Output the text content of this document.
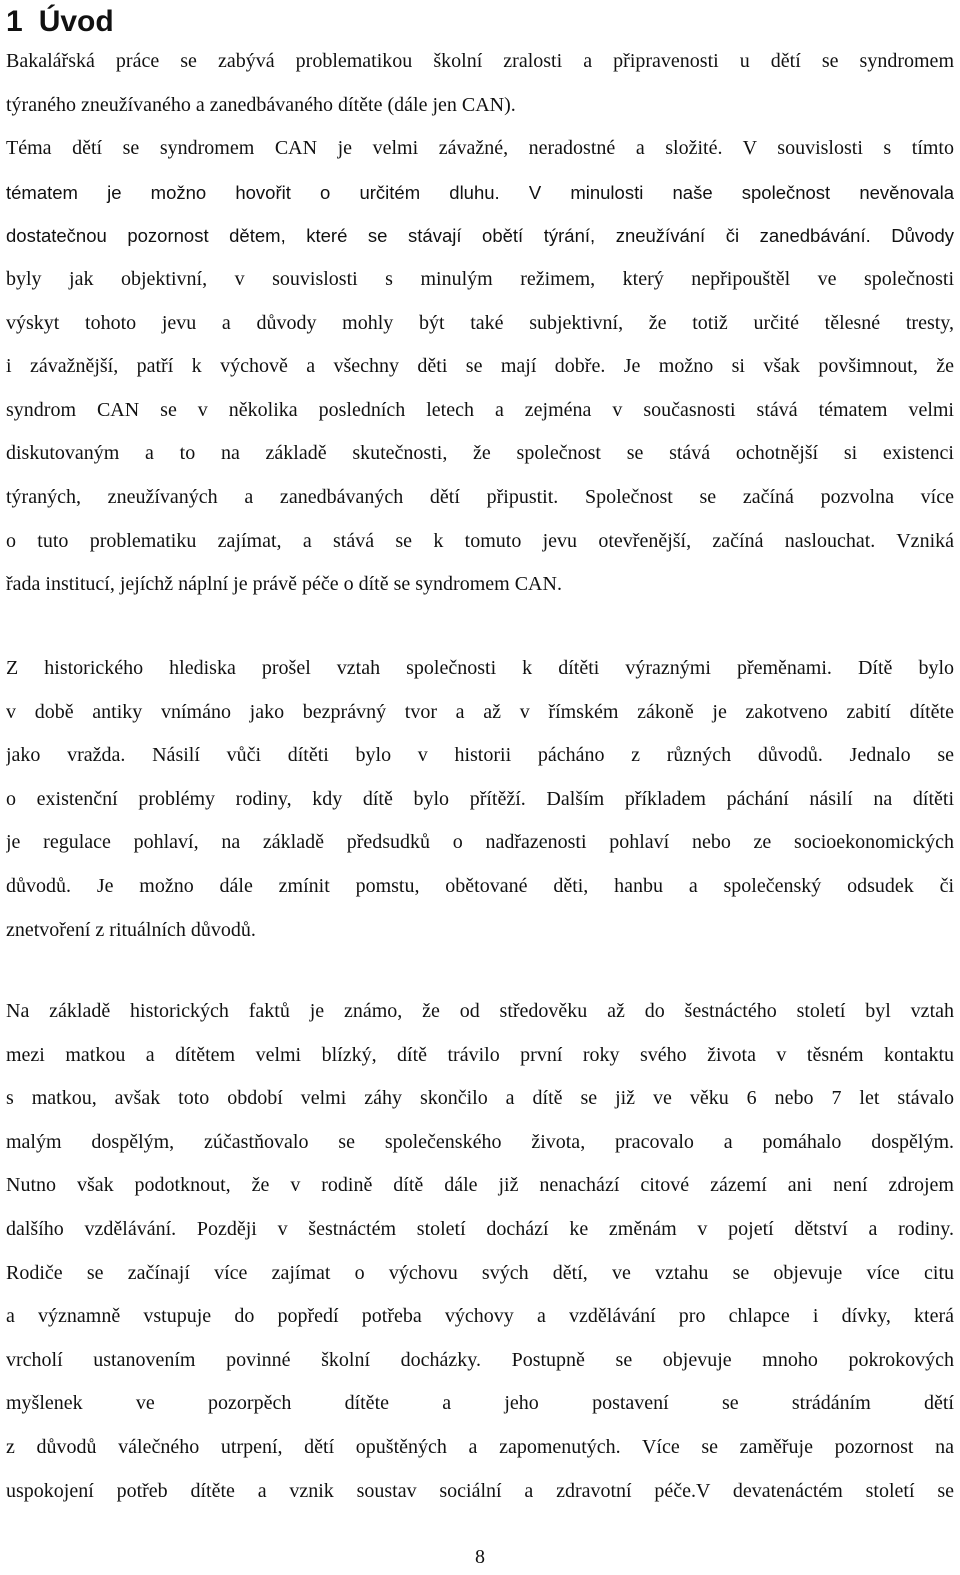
1 Úvod
Bakalářská práce se zabývá problematikou školní zralosti a připravenosti u dětí se syndromem
týraného zneužívaného a zanedbávaného dítěte (dále jen CAN).
Téma dětí se syndromem CAN je velmi závažné, neradostné a složité. V souvislosti s tímto
tématem je možno hovořit o určitém dluhu. V minulosti naše společnost nevěnovala
dostatečnou pozornost dětem, které se stávají obětí týrání, zneužívání či zanedbávání. Důvody
byly jak objektivní, v souvislosti s minulým režimem, který nepřipouštěl ve společnosti
výskyt tohoto jevu a důvody mohly být také subjektivní, že totiž určité tělesné tresty,
i závažnější, patří k výchově a všechny děti se mají dobře. Je možno si však povšimnout, že
syndrom CAN se v několika posledních letech a zejména v současnosti stává tématem velmi
diskutovaným a to na základě skutečnosti, že společnost se stává ochotnější si existenci
týraných, zneužívaných a zanedbávaných dětí připustit. Společnost se začíná pozvolna více
o tuto problematiku zajímat, a stává se k tomuto jevu otevřenější, začíná naslouchat. Vzniká
řada institucí, jejíchž náplní je právě péče o dítě se syndromem CAN.
Z historického hlediska prošel vztah společnosti k dítěti výraznými přeměnami. Dítě bylo
v době antiky vnímáno jako bezprávný tvor a až v římském zákoně je zakotveno zabití dítěte
jako vražda. Násilí vůči dítěti bylo v historii pácháno z různých důvodů. Jednalo se
o existenční problémy rodiny, kdy dítě bylo přítěží. Dalším příkladem páchání násilí na dítěti
je regulace pohlaví, na základě předsudků o nadřazenosti pohlaví nebo ze socioekonomických
důvodů. Je možno dále zmínit pomstu, obětované děti, hanbu a společenský odsudek či
znetvoření z rituálních důvodů.
Na základě historických faktů je známo, že od středověku až do šestnáctého století byl vztah
mezi matkou a dítětem velmi blízký, dítě trávilo první roky svého života v těsném kontaktu
s matkou, avšak toto období velmi záhy skončilo a dítě se již ve věku 6 nebo 7 let stávalo
malým dospělým, zúčastňovalo se společenského života, pracovalo a pomáhalo dospělým.
Nutno však podotknout, že v rodině dítě dále již nenachází citové zázemí ani není zdrojem
dalšího vzdělávání. Později v šestnáctém století dochází ke změnám v pojetí dětství a rodiny.
Rodiče se začínají více zajímat o výchovu svých dětí, ve vztahu se objevuje více citu
a významně vstupuje do popředí potřeba výchovy a vzdělávání pro chlapce i dívky, která
vrcholí ustanovením povinné školní docházky. Postupně se objevuje mnoho pokrokových
myšlenek ve pozorpěch dítěte a jeho postavení se strádáním dětí
z důvodů válečného utrpení, dětí opuštěných a zapomenutých. Více se zaměřuje pozornost na
uspokojení potřeb dítěte a vznik soustav sociální a zdravotní péče.V devatenáctém století se
8
